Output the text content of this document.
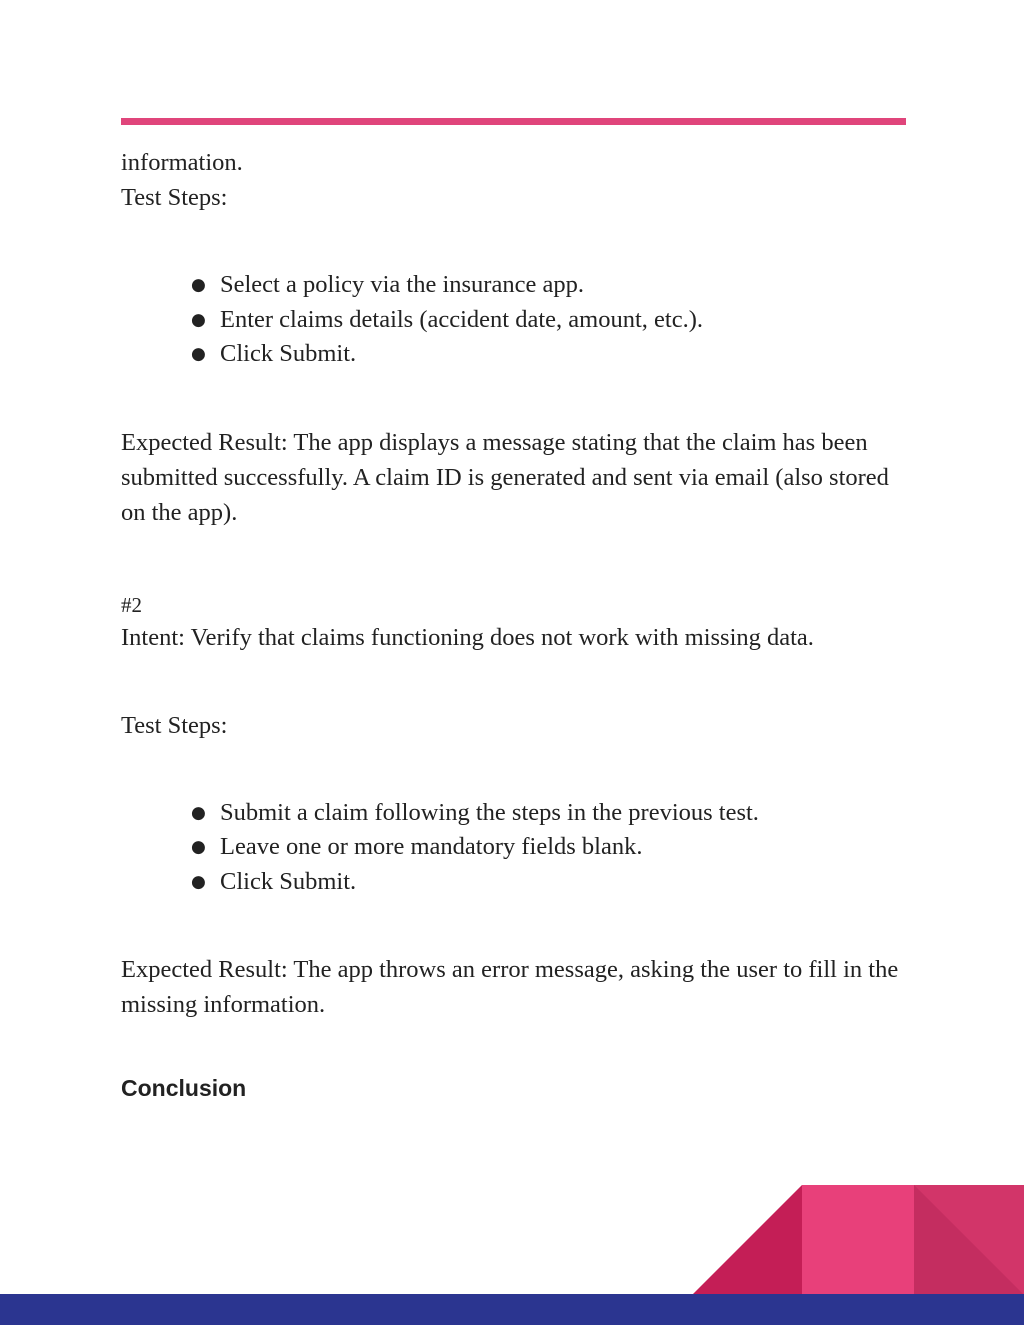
information.

Test Steps:

● Select a policy via the insurance app.
● Enter claims details (accident date, amount, etc.).
● Click Submit.

Expected Result: The app displays a message stating that the claim has been submitted successfully. A claim ID is generated and sent via email (also stored on the app).

#2

Intent: Verify that claims functioning does not work with missing data.

Test Steps:

● Submit a claim following the steps in the previous test.
● Leave one or more mandatory fields blank.
● Click Submit.

Expected Result: The app throws an error message, asking the user to fill in the missing information.

Conclusion
